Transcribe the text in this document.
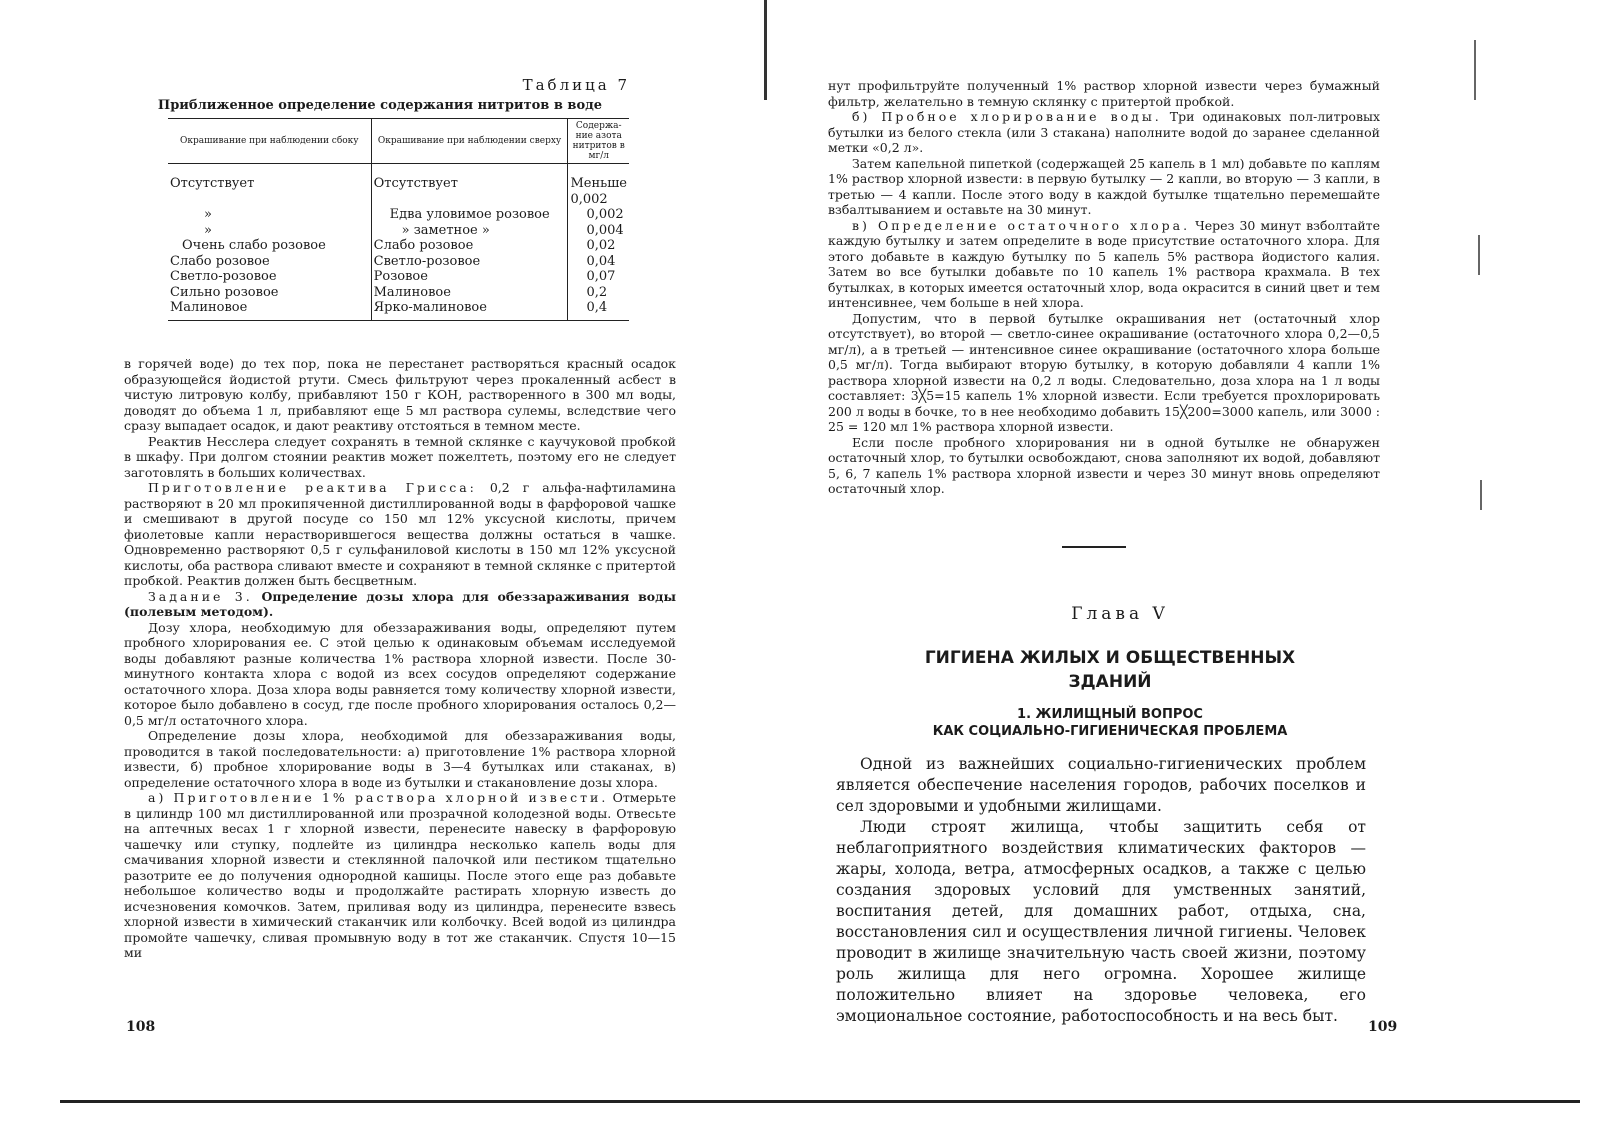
Таблица 7
Приближенное определение содержания нитритов в воде
Окрашивание при наблюдении сбоку	Окрашивание при наблюдении сверху	Содержа-ние азота нитритов в мг/л
Отсутствует	Отсутствует	Меньше 0,002
»	Едва уловимое розовое	0,002
»	» заметное »	0,004
Очень слабо розовое	Слабо розовое	0,02
Слабо розовое	Светло-розовое	0,04
Светло-розовое	Розовое	0,07
Сильно розовое	Малиновое	0,2
Малиновое	Ярко-малиновое	0,4

в горячей воде) до тех пор, пока не перестанет растворяться красный осадок образующейся йодистой ртути. Смесь фильтруют через прокаленный асбест в чистую литровую колбу, прибавляют 150 г КОН, растворенного в 300 мл воды, доводят до объема 1 л, прибавляют еще 5 мл раствора сулемы, вследствие чего сразу выпадает осадок, и дают реактиву отстояться в темном месте.

Реактив Несслера следует сохранять в темной склянке с каучуковой пробкой в шкафу. При долгом стоянии реактив может пожелтеть, поэтому его не следует заготовлять в больших количествах.

Приготовление реактива Грисса: 0,2 г альфа-нафтиламина растворяют в 20 мл прокипяченной дистиллированной воды в фарфоровой чашке и смешивают в другой посуде со 150 мл 12% уксусной кислоты, причем фиолетовые капли нерастворившегося вещества должны остаться в чашке. Одновременно растворяют 0,5 г сульфаниловой кислоты в 150 мл 12% уксусной кислоты, оба раствора сливают вместе и сохраняют в темной склянке с притертой пробкой. Реактив должен быть бесцветным.

Задание 3. Определение дозы хлора для обеззараживания воды (полевым методом).

Дозу хлора, необходимую для обеззараживания воды, определяют путем пробного хлорирования ее. С этой целью к одинаковым объемам исследуемой воды добавляют разные количества 1% раствора хлорной извести. После 30-минутного контакта хлора с водой из всех сосудов определяют содержание остаточного хлора. Доза хлора воды равняется тому количеству хлорной извести, которое было добавлено в сосуд, где после пробного хлорирования осталось 0,2—0,5 мг/л остаточного хлора.

Определение дозы хлора, необходимой для обеззараживания воды, проводится в такой последовательности: а) приготовление 1% раствора хлорной извести, б) пробное хлорирование воды в 3—4 бутылках или стаканах, в) определение остаточного хлора в воде из бутылки и стакановление дозы хлора.

а) Приготовление 1% раствора хлорной извести. Отмерьте в цилиндр 100 мл дистиллированной или прозрачной колодезной воды. Отвесьте на аптечных весах 1 г хлорной извести, перенесите навеску в фарфоровую чашечку или ступку, подлейте из цилиндра несколько капель воды для смачивания хлорной извести и стеклянной палочкой или пестиком тщательно разотрите ее до получения однородной кашицы. После этого еще раз добавьте небольшое количество воды и продолжайте растирать хлорную известь до исчезновения комочков. Затем, приливая воду из цилиндра, перенесите взвесь хлорной извести в химический стаканчик или колбочку. Всей водой из цилиндра промойте чашечку, сливая промывную воду в тот же стаканчик. Спустя 10—15 ми

108

нут профильтруйте полученный 1% раствор хлорной извести через бумажный фильтр, желательно в темную склянку с притертой пробкой.

б) Пробное хлорирование воды. Три одинаковых пол-литровых бутылки из белого стекла (или 3 стакана) наполните водой до заранее сделанной метки «0,2 л».

Затем капельной пипеткой (содержащей 25 капель в 1 мл) добавьте по каплям 1% раствор хлорной извести: в первую бутылку — 2 капли, во вторую — 3 капли, в третью — 4 капли. После этого воду в каждой бутылке тщательно перемешайте взбалтыванием и оставьте на 30 минут.

в) Определение остаточного хлора. Через 30 минут взболтайте каждую бутылку и затем определите в воде присутствие остаточного хлора. Для этого добавьте в каждую бутылку по 5 капель 5% раствора йодистого калия. Затем во все бутылки добавьте по 10 капель 1% раствора крахмала. В тех бутылках, в которых имеется остаточный хлор, вода окрасится в синий цвет и тем интенсивнее, чем больше в ней хлора.

Допустим, что в первой бутылке окрашивания нет (остаточный хлор отсутствует), во второй — светло-синее окрашивание (остаточного хлора 0,2—0,5 мг/л), а в третьей — интенсивное синее окрашивание (остаточного хлора больше 0,5 мг/л). Тогда выбирают вторую бутылку, в которую добавляли 4 капли 1% раствора хлорной извести на 0,2 л воды. Следовательно, доза хлора на 1 л воды составляет: 3╳5=15 капель 1% хлорной извести. Если требуется прохлорировать 200 л воды в бочке, то в нее необходимо добавить 15╳200=3000 капель, или 3000 : 25 = 120 мл 1% раствора хлорной извести.

Если после пробного хлорирования ни в одной бутылке не обнаружен остаточный хлор, то бутылки освобождают, снова заполняют их водой, добавляют 5, 6, 7 капель 1% раствора хлорной извести и через 30 минут вновь определяют остаточный хлор.

Глава V
ГИГИЕНА ЖИЛЫХ И ОБЩЕСТВЕННЫХ
ЗДАНИЙ
1. ЖИЛИЩНЫЙ ВОПРОС
КАК СОЦИАЛЬНО-ГИГИЕНИЧЕСКАЯ ПРОБЛЕМА

Одной из важнейших социально-гигиенических проблем является обеспечение населения городов, рабочих поселков и сел здоровыми и удобными жилищами.

Люди строят жилища, чтобы защитить себя от неблагоприятного воздействия климатических факторов — жары, холода, ветра, атмосферных осадков, а также с целью создания здоровых условий для умственных занятий, воспитания детей, для домашних работ, отдыха, сна, восстановления сил и осуществления личной гигиены. Человек проводит в жилище значительную часть своей жизни, поэтому роль жилища для него огромна. Хорошее жилище положительно влияет на здоровье человека, его эмоциональное состояние, работоспособность и на весь быт.

109
